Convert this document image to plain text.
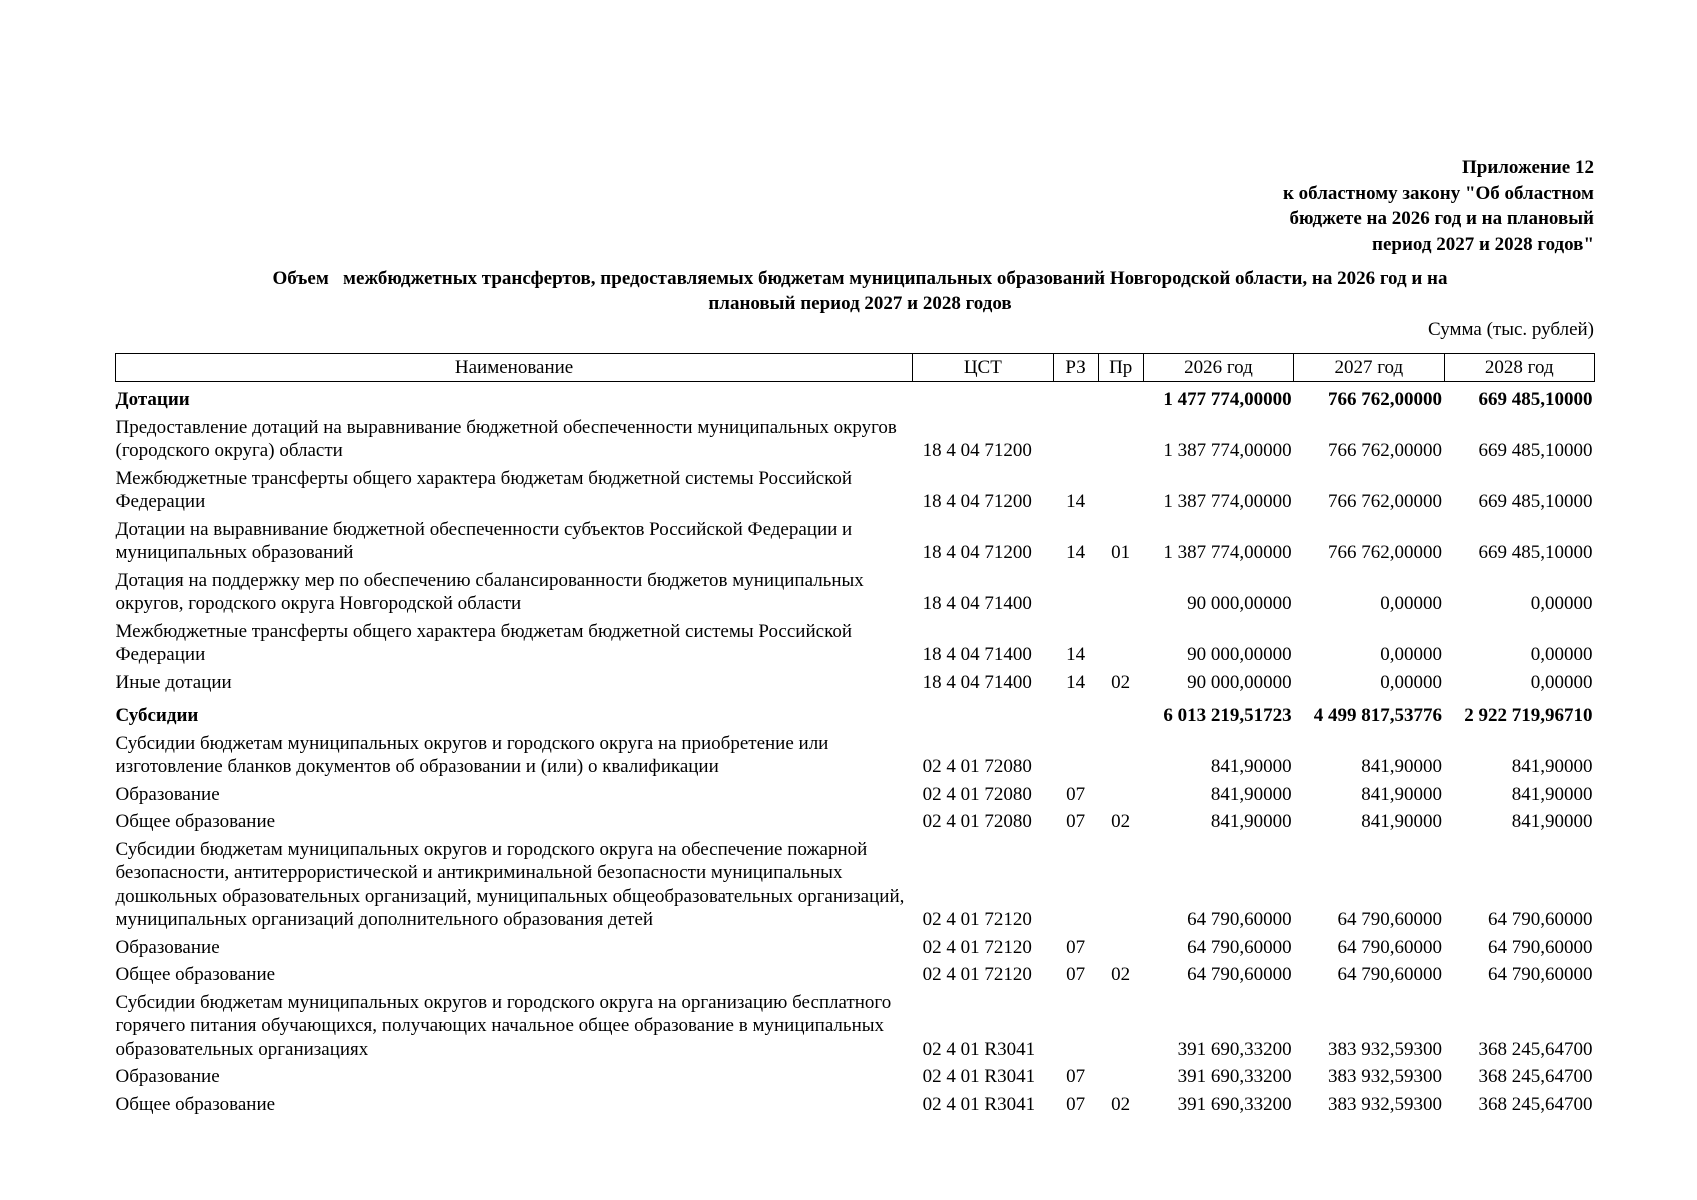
Приложение 12
к областному закону "Об областном
бюджете на 2026 год и на плановый
период 2027 и 2028 годов"
Объем   межбюджетных трансфертов, предоставляемых бюджетам муниципальных образований Новгородской области, на 2026 год и на
плановый период 2027 и 2028 годов
Сумма (тыс. рублей)
Наименование	ЦСТ	РЗ	Пр	2026 год	2027 год	2028 год
Дотации				1 477 774,00000	766 762,00000	669 485,10000
Предоставление дотаций на выравнивание бюджетной обеспеченности муниципальных округов (городского округа) области	18 4 04 71200			1 387 774,00000	766 762,00000	669 485,10000
Межбюджетные трансферты общего характера бюджетам бюджетной системы Российской Федерации	18 4 04 71200	14		1 387 774,00000	766 762,00000	669 485,10000
Дотации на выравнивание бюджетной обеспеченности субъектов Российской Федерации и муниципальных образований	18 4 04 71200	14	01	1 387 774,00000	766 762,00000	669 485,10000
Дотация на поддержку мер по обеспечению сбалансированности бюджетов муниципальных округов, городского округа Новгородской области	18 4 04 71400			90 000,00000	0,00000	0,00000
Межбюджетные трансферты общего характера бюджетам бюджетной системы Российской Федерации	18 4 04 71400	14		90 000,00000	0,00000	0,00000
Иные дотации	18 4 04 71400	14	02	90 000,00000	0,00000	0,00000
Субсидии				6 013 219,51723	4 499 817,53776	2 922 719,96710
Субсидии бюджетам муниципальных округов и городского округа на приобретение или изготовление бланков документов об образовании и (или) о квалификации	02 4 01 72080			841,90000	841,90000	841,90000
Образование	02 4 01 72080	07		841,90000	841,90000	841,90000
Общее образование	02 4 01 72080	07	02	841,90000	841,90000	841,90000
Субсидии бюджетам муниципальных округов и городского округа на обеспечение пожарной безопасности, антитеррористической и антикриминальной безопасности муниципальных дошкольных образовательных организаций, муниципальных общеобразовательных организаций, муниципальных организаций дополнительного образования детей	02 4 01 72120			64 790,60000	64 790,60000	64 790,60000
Образование	02 4 01 72120	07		64 790,60000	64 790,60000	64 790,60000
Общее образование	02 4 01 72120	07	02	64 790,60000	64 790,60000	64 790,60000
Субсидии бюджетам муниципальных округов и городского округа на организацию бесплатного горячего питания обучающихся, получающих начальное общее образование в муниципальных образовательных организациях	02 4 01 R3041			391 690,33200	383 932,59300	368 245,64700
Образование	02 4 01 R3041	07		391 690,33200	383 932,59300	368 245,64700
Общее образование	02 4 01 R3041	07	02	391 690,33200	383 932,59300	368 245,64700
